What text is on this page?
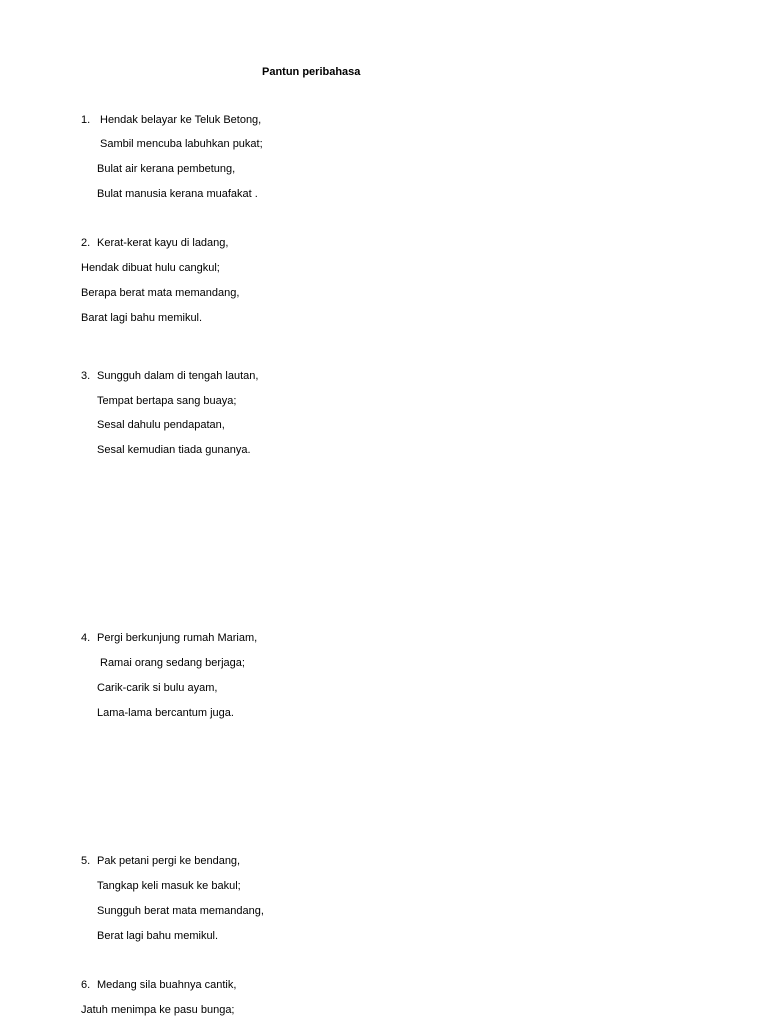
Pantun peribahasa
1. Hendak belayar ke Teluk Betong,
Sambil mencuba labuhkan pukat;
Bulat air kerana pembetung,
Bulat manusia kerana muafakat .
2. Kerat-kerat kayu di ladang,
Hendak dibuat hulu cangkul;
Berapa berat mata memandang,
Barat lagi bahu memikul.
3. Sungguh dalam di tengah lautan,
Tempat bertapa sang buaya;
Sesal dahulu pendapatan,
Sesal kemudian tiada gunanya.
4. Pergi berkunjung rumah Mariam,
Ramai orang sedang berjaga;
Carik-carik si bulu ayam,
Lama-lama bercantum juga.
5. Pak petani pergi ke bendang,
Tangkap keli masuk ke bakul;
Sungguh berat mata memandang,
Berat lagi bahu memikul.
6. Medang sila buahnya cantik,
Jatuh menimpa ke pasu bunga;
